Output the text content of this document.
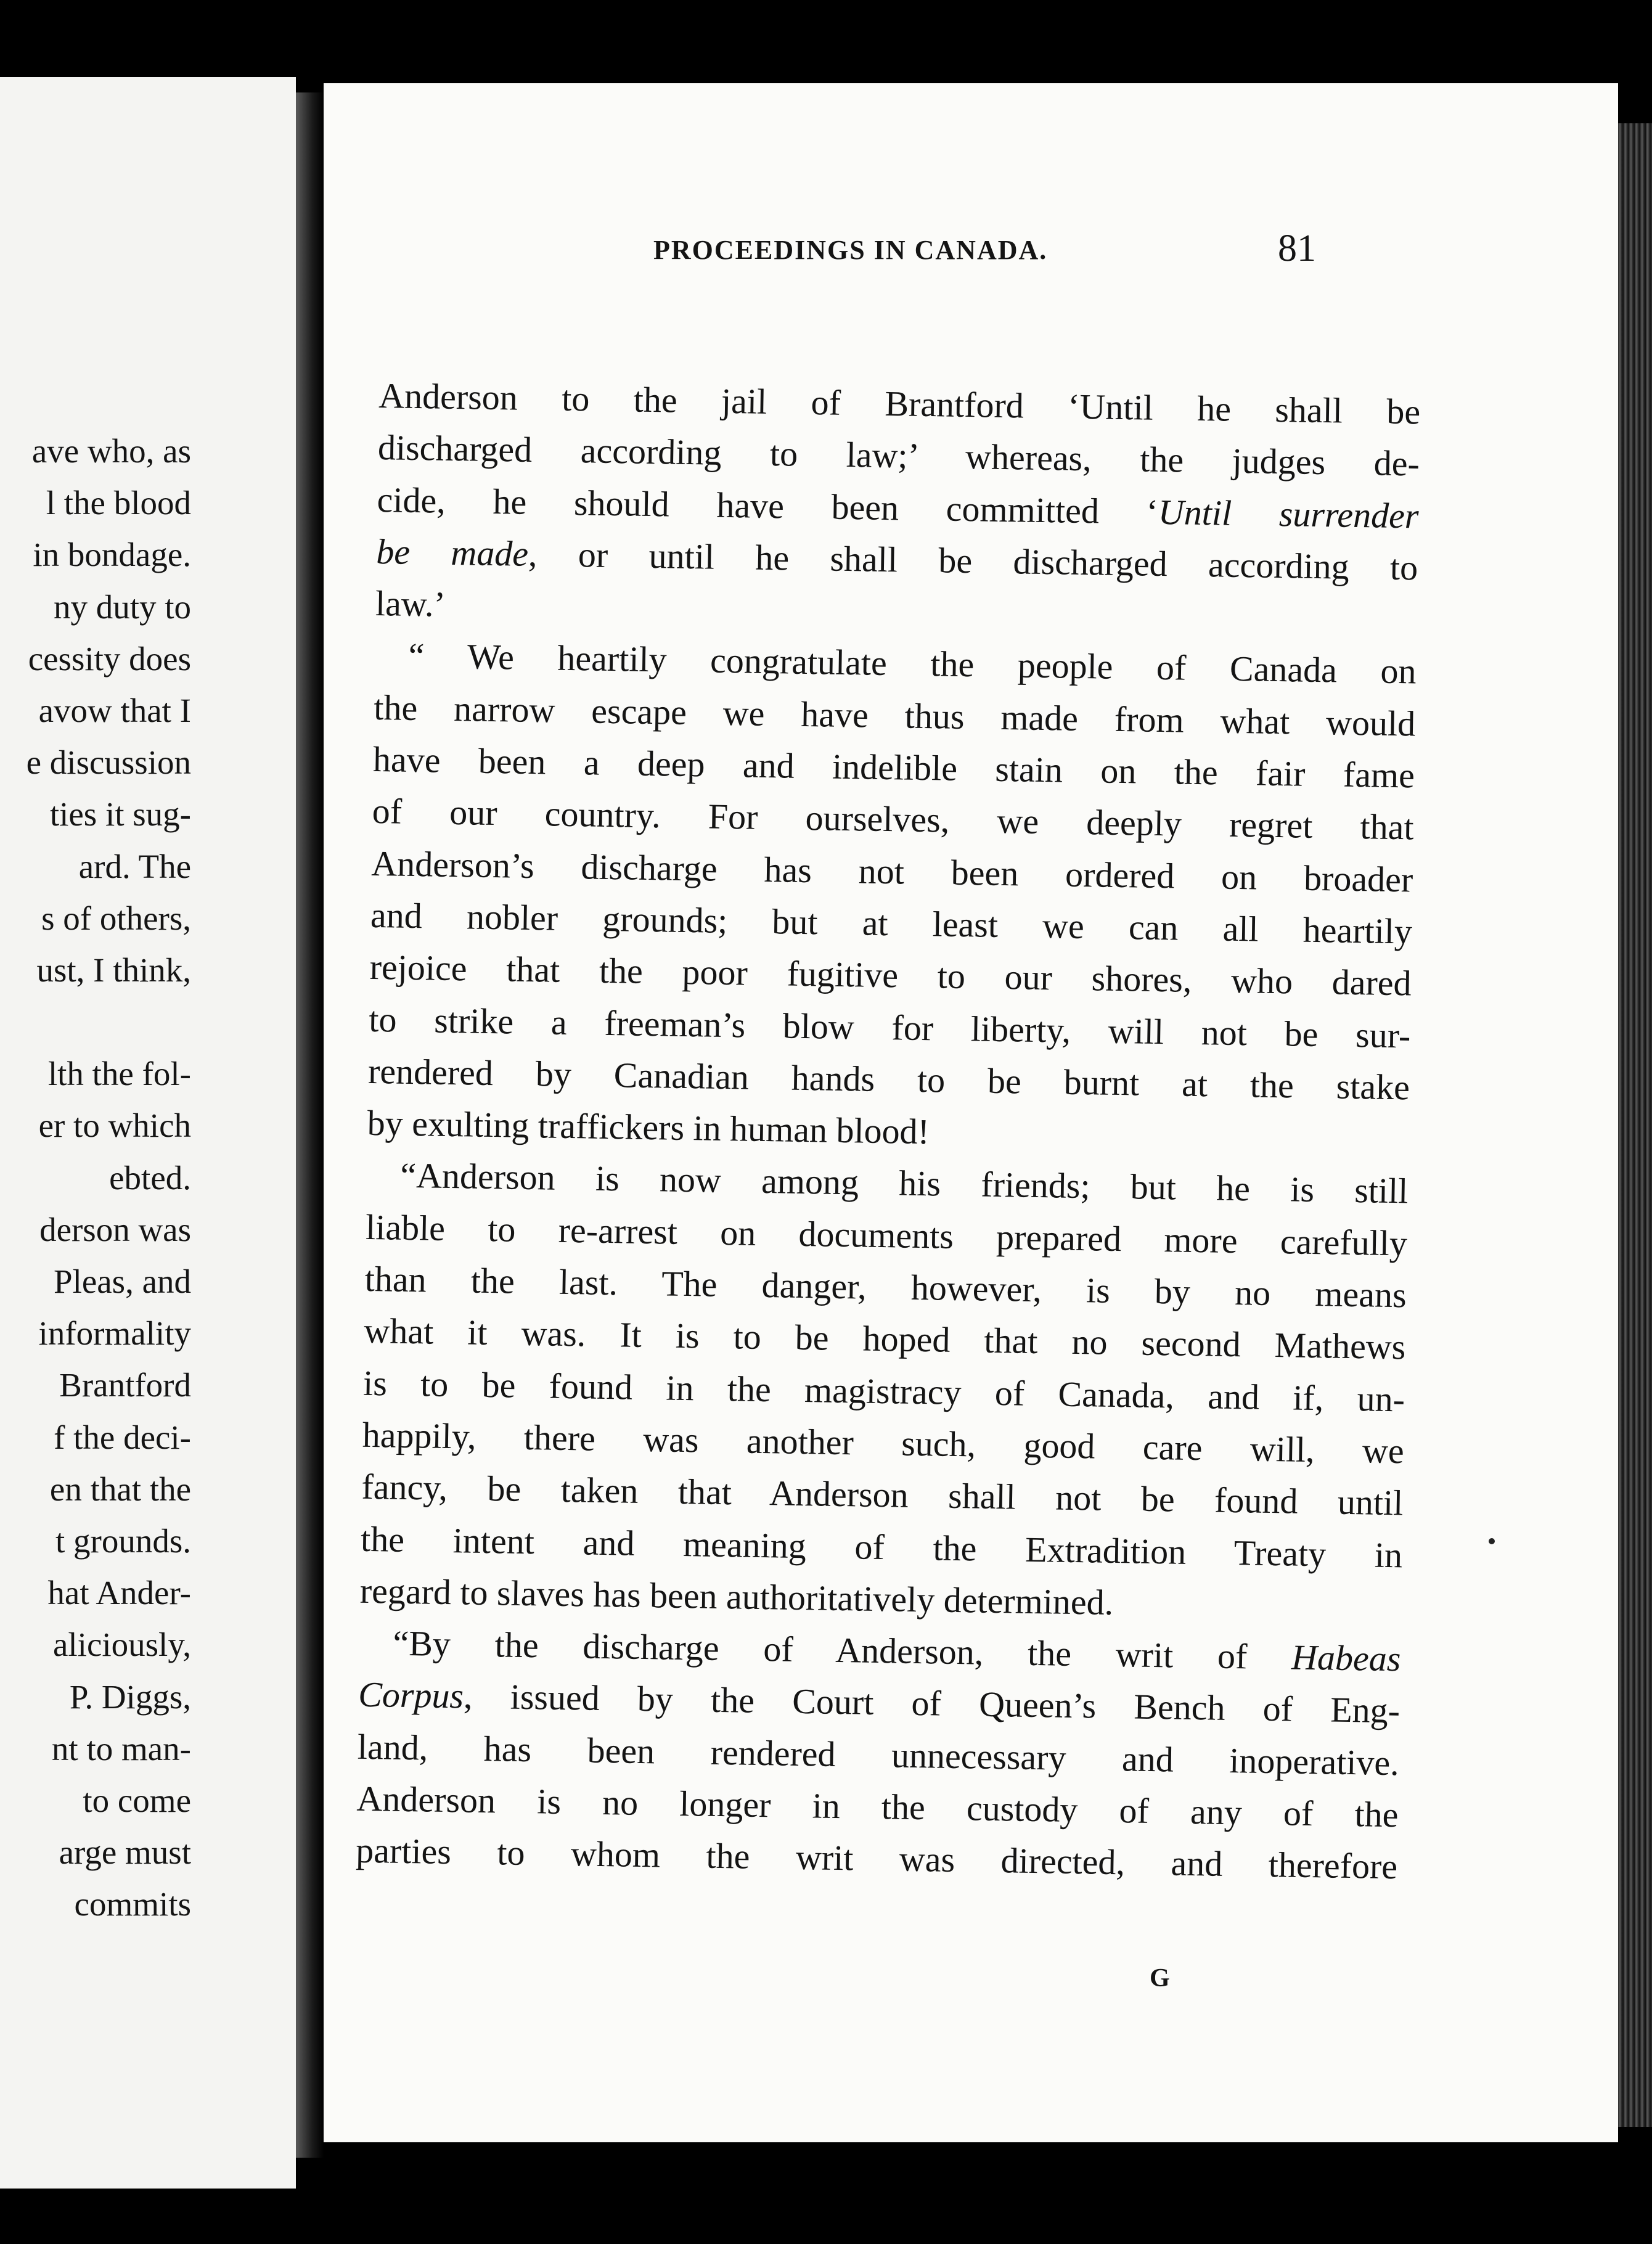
ave who, as
l the blood
in bondage.
ny duty to
cessity does
avow that I
e discussion
ties it sug-
ard. The
s of others,
ust, I think,
lth the fol-
er to which
ebted.
derson was
Pleas, and
informality
Brantford
f the deci-
en that the
t grounds.
hat Ander-
aliciously,
P. Diggs,
nt to man-
to come
arge must
commits
PROCEEDINGS IN CANADA.	81
Anderson to the jail of Brantford ‘Until he shall be
discharged according to law;’ whereas, the judges de-
cide, he should have been committed ‘Until surrender
be made, or until he shall be discharged according to
law.’
“ We heartily congratulate the people of Canada on
the narrow escape we have thus made from what would
have been a deep and indelible stain on the fair fame
of our country. For ourselves, we deeply regret that
Anderson’s discharge has not been ordered on broader
and nobler grounds; but at least we can all heartily
rejoice that the poor fugitive to our shores, who dared
to strike a freeman’s blow for liberty, will not be sur-
rendered by Canadian hands to be burnt at the stake
by exulting traffickers in human blood!
“Anderson is now among his friends; but he is still
liable to re-arrest on documents prepared more carefully
than the last. The danger, however, is by no means
what it was. It is to be hoped that no second Mathews
is to be found in the magistracy of Canada, and if, un-
happily, there was another such, good care will, we
fancy, be taken that Anderson shall not be found until
the intent and meaning of the Extradition Treaty in
regard to slaves has been authoritatively determined.
“By the discharge of Anderson, the writ of Habeas
Corpus, issued by the Court of Queen’s Bench of Eng-
land, has been rendered unnecessary and inoperative.
Anderson is no longer in the custody of any of the
parties to whom the writ was directed, and therefore
G
